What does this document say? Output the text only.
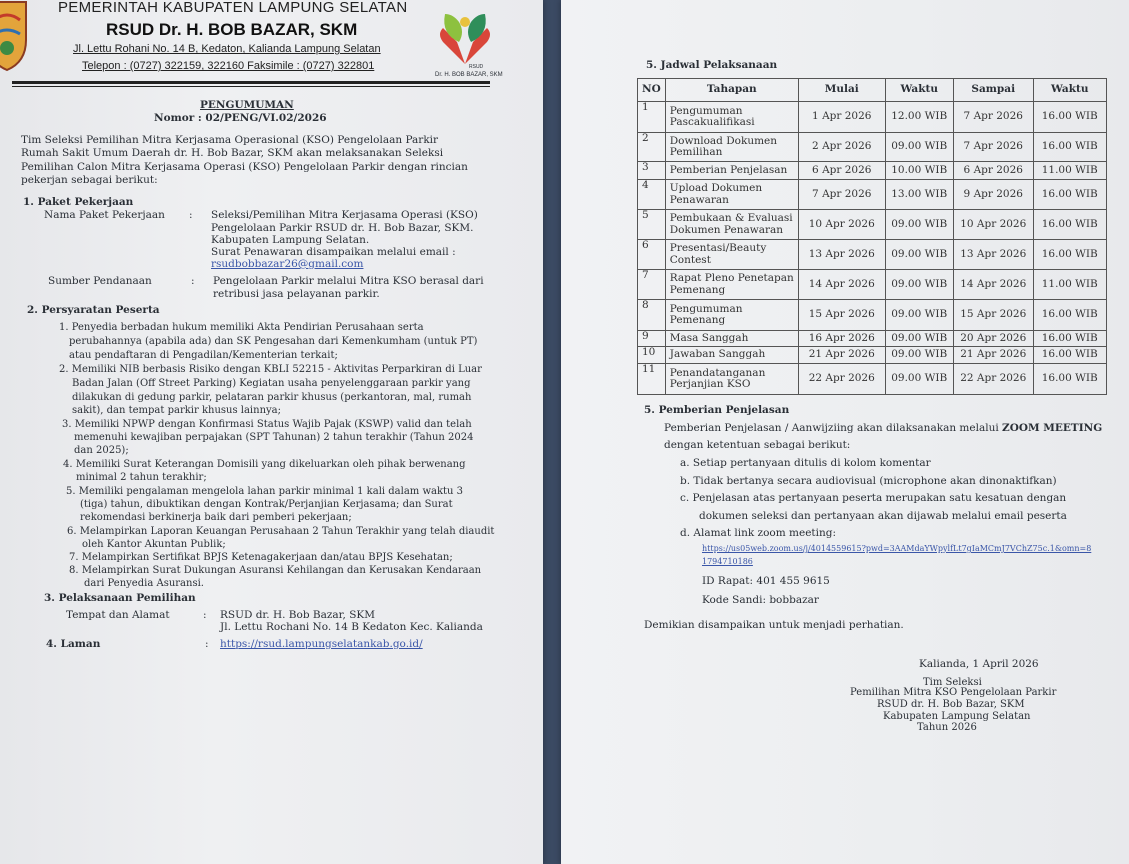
PEMERINTAH KABUPATEN LAMPUNG SELATAN
RSUD Dr. H. BOB BAZAR, SKM
Jl. Lettu Rohani No. 14 B, Kedaton, Kalianda Lampung Selatan
Telepon : (0727) 322159, 322160 Faksimile : (0727) 322801	RSUD
Dr. H. BOB BAZAR, SKM
PENGUMUMAN
Nomor : 02/PENG/VI.02/2026
Tim Seleksi Pemilihan Mitra Kerjasama Operasional (KSO) Pengelolaan Parkir
Rumah Sakit Umum Daerah dr. H. Bob Bazar, SKM akan melaksanakan Seleksi
Pemilihan Calon Mitra Kerjasama Operasi (KSO) Pengelolaan Parkir dengan rincian
pekerjan sebagai berikut:
1. Paket Pekerjaan
Nama Paket Pekerjaan : Seleksi/Pemilihan Mitra Kerjasama Operasi (KSO)
Pengelolaan Parkir RSUD dr. H. Bob Bazar, SKM.
Kabupaten Lampung Selatan.
Surat Penawaran disampaikan melalui email :
rsudbobbazar26@gmail.com
Sumber Pendanaan	: Pengelolaan Parkir melalui Mitra KSO berasal dari
retribusi jasa pelayanan parkir.
2. Persyaratan Peserta
1. Penyedia berbadan hukum memiliki Akta Pendirian Perusahaan serta
perubahannya (apabila ada) dan SK Pengesahan dari Kemenkumham (untuk PT)
atau pendaftaran di Pengadilan/Kementerian terkait;
2. Memiliki NIB berbasis Risiko dengan KBLI 52215 - Aktivitas Perparkiran di Luar
Badan Jalan (Off Street Parking) Kegiatan usaha penyelenggaraan parkir yang
dilakukan di gedung parkir, pelataran parkir khusus (perkantoran, mal, rumah
sakit), dan tempat parkir khusus lainnya;
3. Memiliki NPWP dengan Konfirmasi Status Wajib Pajak (KSWP) valid dan telah
memenuhi kewajiban perpajakan (SPT Tahunan) 2 tahun terakhir (Tahun 2024
dan 2025);
4. Memiliki Surat Keterangan Domisili yang dikeluarkan oleh pihak berwenang
minimal 2 tahun terakhir;
5. Memiliki pengalaman mengelola lahan parkir minimal 1 kali dalam waktu 3
(tiga) tahun, dibuktikan dengan Kontrak/Perjanjian Kerjasama; dan Surat
rekomendasi berkinerja baik dari pemberi pekerjaan;
6. Melampirkan Laporan Keuangan Perusahaan 2 Tahun Terakhir yang telah diaudit
oleh Kantor Akuntan Publik;
7. Melampirkan Sertifikat BPJS Ketenagakerjaan dan/atau BPJS Kesehatan;
8. Melampirkan Surat Dukungan Asuransi Kehilangan dan Kerusakan Kendaraan
dari Penyedia Asuransi.
3. Pelaksanaan Pemilihan
Tempat dan Alamat	: RSUD dr. H. Bob Bazar, SKM
Jl. Lettu Rochani No. 14 B Kedaton Kec. Kalianda
4. Laman	: https://rsud.lampungselatankab.go.id/
5. Jadwal Pelaksanaan
NO	Tahapan	Mulai	Waktu	Sampai	Waktu
1	Pengumuman
Pascakualifikasi	1 Apr 2026	12.00 WIB	7 Apr 2026	16.00 WIB
2	Download Dokumen
Pemilihan	2 Apr 2026	09.00 WIB	7 Apr 2026	16.00 WIB
3	Pemberian Penjelasan	6 Apr 2026	10.00 WIB	6 Apr 2026	11.00 WIB
4	Upload Dokumen
Penawaran	7 Apr 2026	13.00 WIB	9 Apr 2026	16.00 WIB
5	Pembukaan & Evaluasi
Dokumen Penawaran	10 Apr 2026	09.00 WIB	10 Apr 2026	16.00 WIB
6	Presentasi/Beauty
Contest	13 Apr 2026	09.00 WIB	13 Apr 2026	16.00 WIB
7	Rapat Pleno Penetapan
Pemenang	14 Apr 2026	09.00 WIB	14 Apr 2026	11.00 WIB
8	Pengumuman
Pemenang	15 Apr 2026	09.00 WIB	15 Apr 2026	16.00 WIB
9	Masa Sanggah	16 Apr 2026	09.00 WIB	20 Apr 2026	16.00 WIB
10	Jawaban Sanggah	21 Apr 2026	09.00 WIB	21 Apr 2026	16.00 WIB
11	Penandatanganan
Perjanjian KSO	22 Apr 2026	09.00 WIB	22 Apr 2026	16.00 WIB
5. Pemberian Penjelasan
Pemberian Penjelasan / Aanwijziing akan dilaksanakan melalui ZOOM MEETING
dengan ketentuan sebagai berikut:
a. Setiap pertanyaan ditulis di kolom komentar
b. Tidak bertanya secara audiovisual (microphone akan dinonaktifkan)
c. Penjelasan atas pertanyaan peserta merupakan satu kesatuan dengan
dokumen seleksi dan pertanyaan akan dijawab melalui email peserta
d. Alamat link zoom meeting:
https://us05web.zoom.us/j/4014559615?pwd=3AAMdaYWpylfLt7gIaMCmJ7VChZ75c.1&omn=8
1794710186
ID Rapat: 401 455 9615
Kode Sandi: bobbazar
Demikian disampaikan untuk menjadi perhatian.
Kalianda, 1 April 2026
Tim Seleksi
Pemilihan Mitra KSO Pengelolaan Parkir
RSUD dr. H. Bob Bazar, SKM
Kabupaten Lampung Selatan
Tahun 2026
